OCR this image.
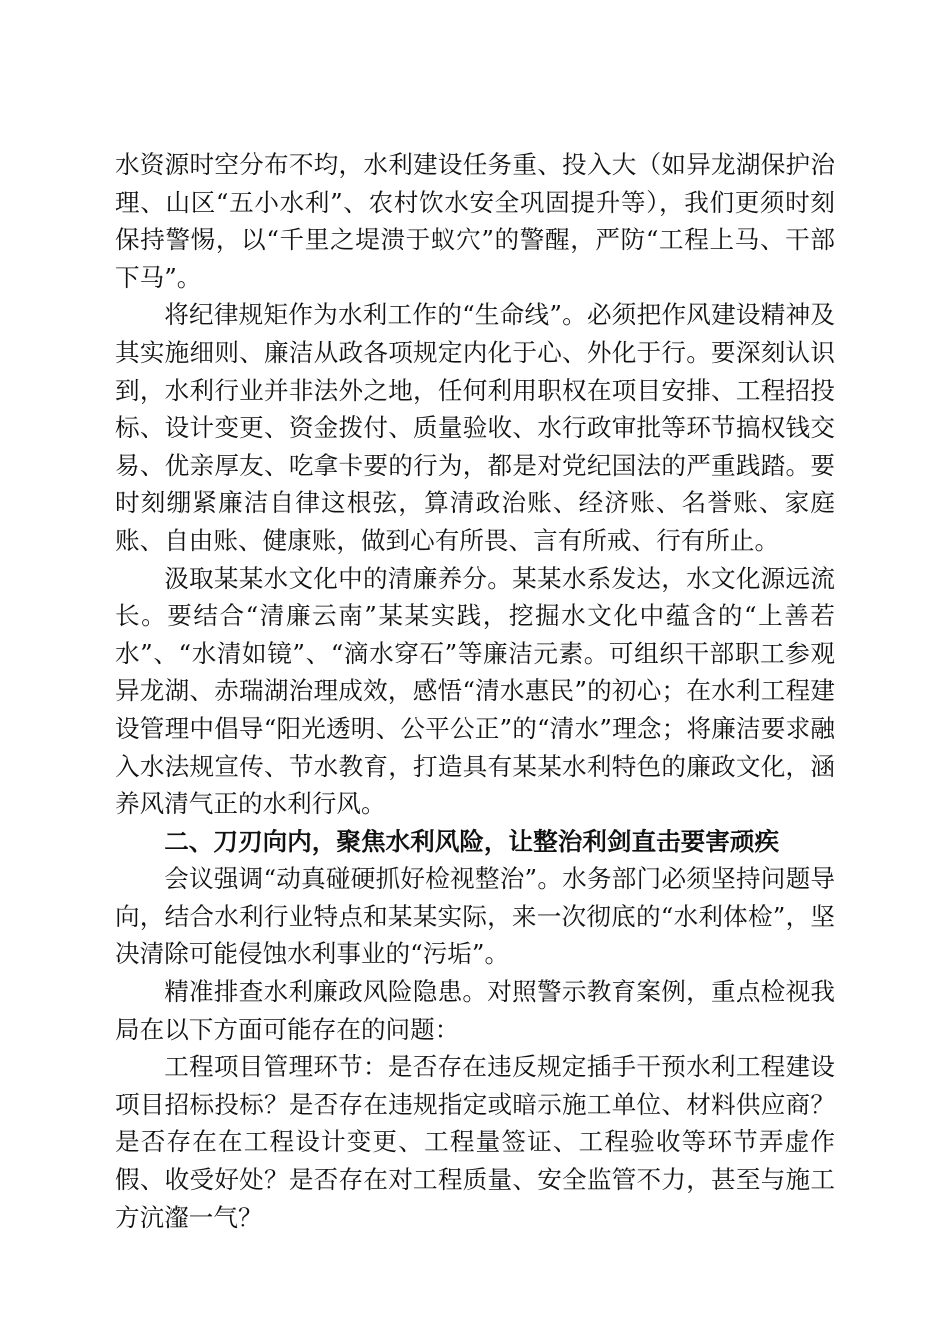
水资源时空分布不均，水利建设任务重、投入大（如异龙湖保护治理、山区“五小水利”、农村饮水安全巩固提升等），我们更须时刻保持警惕，以“千里之堤溃于蚁穴”的警醒，严防“工程上马、干部下马”。

将纪律规矩作为水利工作的“生命线”。必须把作风建设精神及其实施细则、廉洁从政各项规定内化于心、外化于行。要深刻认识到，水利行业并非法外之地，任何利用职权在项目安排、工程招投标、设计变更、资金拨付、质量验收、水行政审批等环节搞权钱交易、优亲厚友、吃拿卡要的行为，都是对党纪国法的严重践踏。要时刻绷紧廉洁自律这根弦，算清政治账、经济账、名誉账、家庭账、自由账、健康账，做到心有所畏、言有所戒、行有所止。

汲取某某水文化中的清廉养分。某某水系发达，水文化源远流长。要结合“清廉云南”某某实践，挖掘水文化中蕴含的“上善若水”、“水清如镜”、“滴水穿石”等廉洁元素。可组织干部职工参观异龙湖、赤瑞湖治理成效，感悟“清水惠民”的初心；在水利工程建设管理中倡导“阳光透明、公平公正”的“清水”理念；将廉洁要求融入水法规宣传、节水教育，打造具有某某水利特色的廉政文化，涵养风清气正的水利行风。

二、刀刃向内，聚焦水利风险，让整治利剑直击要害顽疾

会议强调“动真碰硬抓好检视整治”。水务部门必须坚持问题导向，结合水利行业特点和某某实际，来一次彻底的“水利体检”，坚决清除可能侵蚀水利事业的“污垢”。

精准排查水利廉政风险隐患。对照警示教育案例，重点检视我局在以下方面可能存在的问题：

工程项目管理环节：是否存在违反规定插手干预水利工程建设项目招标投标？是否存在违规指定或暗示施工单位、材料供应商？是否存在在工程设计变更、工程量签证、工程验收等环节弄虚作假、收受好处？是否存在对工程质量、安全监管不力，甚至与施工方沆瀣一气？
